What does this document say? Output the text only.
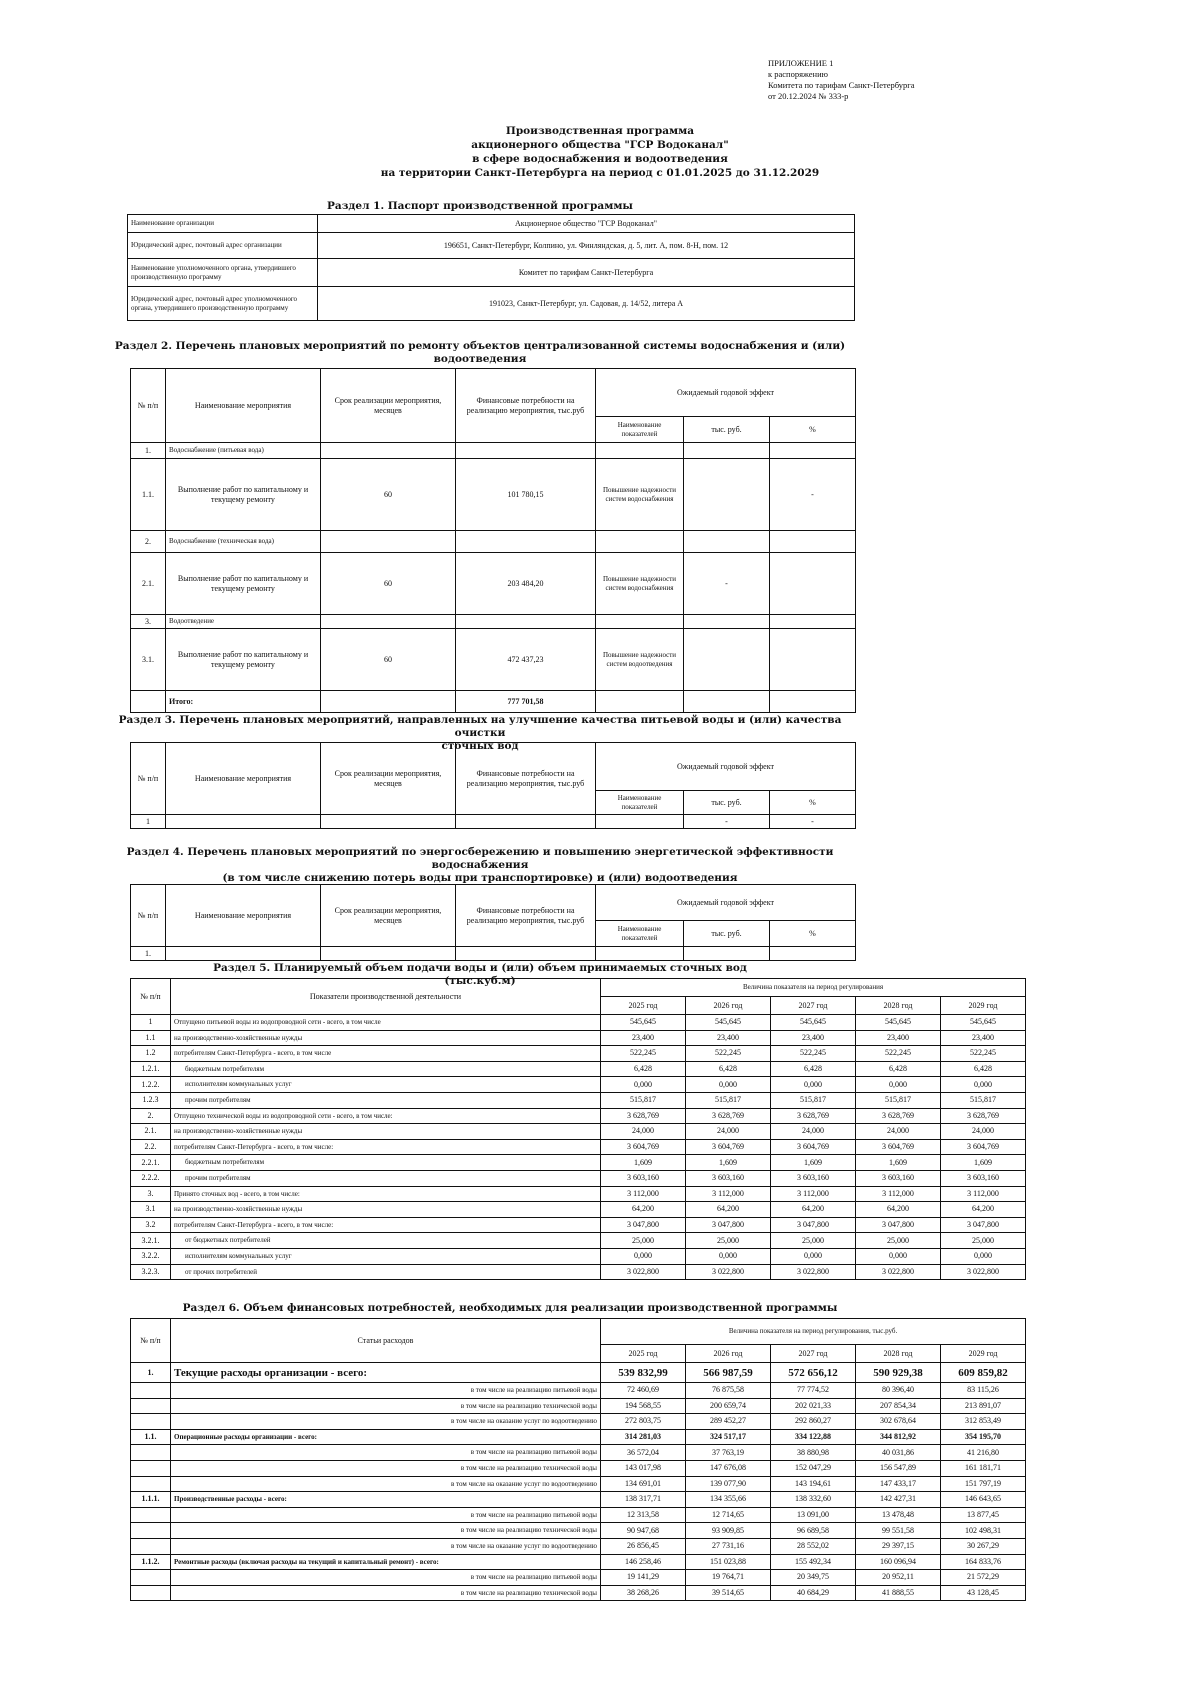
ПРИЛОЖЕНИЕ 1
к распоряжению
Комитета по тарифам Санкт-Петербурга
от 20.12.2024 № 333-р
Производственная программа
акционерного общества "ГСР Водоканал"
в сфере водоснабжения и водоотведения
на территории Санкт-Петербурга на период с 01.01.2025 до 31.12.2029
Раздел 1. Паспорт производственной программы
Наименование организации	Акционерное общество "ГСР Водоканал"
Юридический адрес, почтовый адрес организации	196651, Санкт-Петербург, Колпино, ул. Финляндская, д. 5, лит. А, пом. 8-Н, пом. 12
Наименование уполномоченного органа, утвердившего производственную программу	Комитет по тарифам Санкт-Петербурга
Юридический адрес, почтовый адрес уполномоченного органа, утвердившего производственную программу	191023, Санкт-Петербург, ул. Садовая, д. 14/52, литера А
Раздел 2. Перечень плановых мероприятий по ремонту объектов централизованной системы водоснабжения и (или)
водоотведения
№ п/п	Наименование мероприятия	Срок реализации мероприятия, месяцев	Финансовые потребности на реализацию мероприятия, тыс.руб	Ожидаемый годовой эффект		
				Наименование показателей	тыс. руб.	%
1.	Водоснабжение (питьевая вода)					
1.1.	Выполнение работ по капитальному и текущему ремонту	60	101 780,15	Повышение надежности систем водоснабжения		-
2.	Водоснабжение (техническая вода)					
2.1.	Выполнение работ по капитальному и текущему ремонту	60	203 484,20	Повышение надежности систем водоснабжения	-	
3.	Водоотведение					
3.1.	Выполнение работ по капитальному и текущему ремонту	60	472 437,23	Повышение надежности систем водоотведения		
	Итого:		777 701,58			
Раздел 3. Перечень плановых мероприятий, направленных на улучшение качества питьевой воды и (или) качества очистки
сточных вод
№ п/п	Наименование мероприятия	Срок реализации мероприятия, месяцев	Финансовые потребности на реализацию мероприятия, тыс.руб	Ожидаемый годовой эффект		
				Наименование показателей	тыс. руб.	%
1					-	-
Раздел 4. Перечень плановых мероприятий по энергосбережению и повышению энергетической эффективности водоснабжения
(в том числе снижению потерь воды при транспортировке) и (или) водоотведения
№ п/п	Наименование мероприятия	Срок реализации мероприятия, месяцев	Финансовые потребности на реализацию мероприятия, тыс.руб	Ожидаемый годовой эффект		
				Наименование показателей	тыс. руб.	%
1.						
Раздел 5. Планируемый объем подачи воды и (или) объем принимаемых сточных вод (тыс.куб.м)
№ п/п	Показатели производственной деятельности	Величина показателя на период регулирования				
		2025 год	2026 год	2027 год	2028 год	2029 год
1	Отпущено питьевой воды из водопроводной сети - всего, в том числе	545,645	545,645	545,645	545,645	545,645
1.1	на производственно-хозяйственные нужды	23,400	23,400	23,400	23,400	23,400
1.2	потребителям Санкт-Петербурга - всего, в том числе	522,245	522,245	522,245	522,245	522,245
1.2.1.	бюджетным потребителям	6,428	6,428	6,428	6,428	6,428
1.2.2.	исполнителям коммунальных услуг	0,000	0,000	0,000	0,000	0,000
1.2.3	прочим потребителям	515,817	515,817	515,817	515,817	515,817
2.	Отпущено технической воды из водопроводной сети - всего, в том числе:	3 628,769	3 628,769	3 628,769	3 628,769	3 628,769
2.1.	на производственно-хозяйственные нужды	24,000	24,000	24,000	24,000	24,000
2.2.	потребителям Санкт-Петербурга - всего, в том числе:	3 604,769	3 604,769	3 604,769	3 604,769	3 604,769
2.2.1.	бюджетным потребителям	1,609	1,609	1,609	1,609	1,609
2.2.2.	прочим потребителям	3 603,160	3 603,160	3 603,160	3 603,160	3 603,160
3.	Принято сточных вод - всего, в том числе:	3 112,000	3 112,000	3 112,000	3 112,000	3 112,000
3.1	на производственно-хозяйственные нужды	64,200	64,200	64,200	64,200	64,200
3.2	потребителям Санкт-Петербурга - всего, в том числе:	3 047,800	3 047,800	3 047,800	3 047,800	3 047,800
3.2.1.	от бюджетных потребителей	25,000	25,000	25,000	25,000	25,000
3.2.2.	исполнителям коммунальных услуг	0,000	0,000	0,000	0,000	0,000
3.2.3.	от прочих потребителей	3 022,800	3 022,800	3 022,800	3 022,800	3 022,800
Раздел 6. Объем финансовых потребностей, необходимых для реализации производственной программы
№ п/п	Статьи расходов	Величина показателя на период регулирования, тыс.руб.				
		2025 год	2026 год	2027 год	2028 год	2029 год
1.	Текущие расходы организации - всего:	539 832,99	566 987,59	572 656,12	590 929,38	609 859,82
	в том числе на реализацию питьевой воды	72 460,69	76 875,58	77 774,52	80 396,40	83 115,26
	в том числе на реализацию технической воды	194 568,55	200 659,74	202 021,33	207 854,34	213 891,07
	в том числе на оказание услуг по водоотведению	272 803,75	289 452,27	292 860,27	302 678,64	312 853,49
1.1.	Операционные расходы организации - всего:	314 281,03	324 517,17	334 122,88	344 812,92	354 195,70
	в том числе на реализацию питьевой воды	36 572,04	37 763,19	38 880,98	40 031,86	41 216,80
	в том числе на реализацию технической воды	143 017,98	147 676,08	152 047,29	156 547,89	161 181,71
	в том числе на оказание услуг по водоотведению	134 691,01	139 077,90	143 194,61	147 433,17	151 797,19
1.1.1.	Производственные расходы - всего:	138 317,71	134 355,66	138 332,60	142 427,31	146 643,65
	в том числе на реализацию питьевой воды	12 313,58	12 714,65	13 091,00	13 478,48	13 877,45
	в том числе на реализацию технической воды	90 947,68	93 909,85	96 689,58	99 551,58	102 498,31
	в том числе на оказание услуг по водоотведению	26 856,45	27 731,16	28 552,02	29 397,15	30 267,29
1.1.2.	Ремонтные расходы (включая расходы на текущий и капитальный ремонт) - всего:	146 258,46	151 023,88	155 492,34	160 096,94	164 833,76
	в том числе на реализацию питьевой воды	19 141,29	19 764,71	20 349,75	20 952,11	21 572,29
	в том числе на реализацию технической воды	38 268,26	39 514,65	40 684,29	41 888,55	43 128,45
